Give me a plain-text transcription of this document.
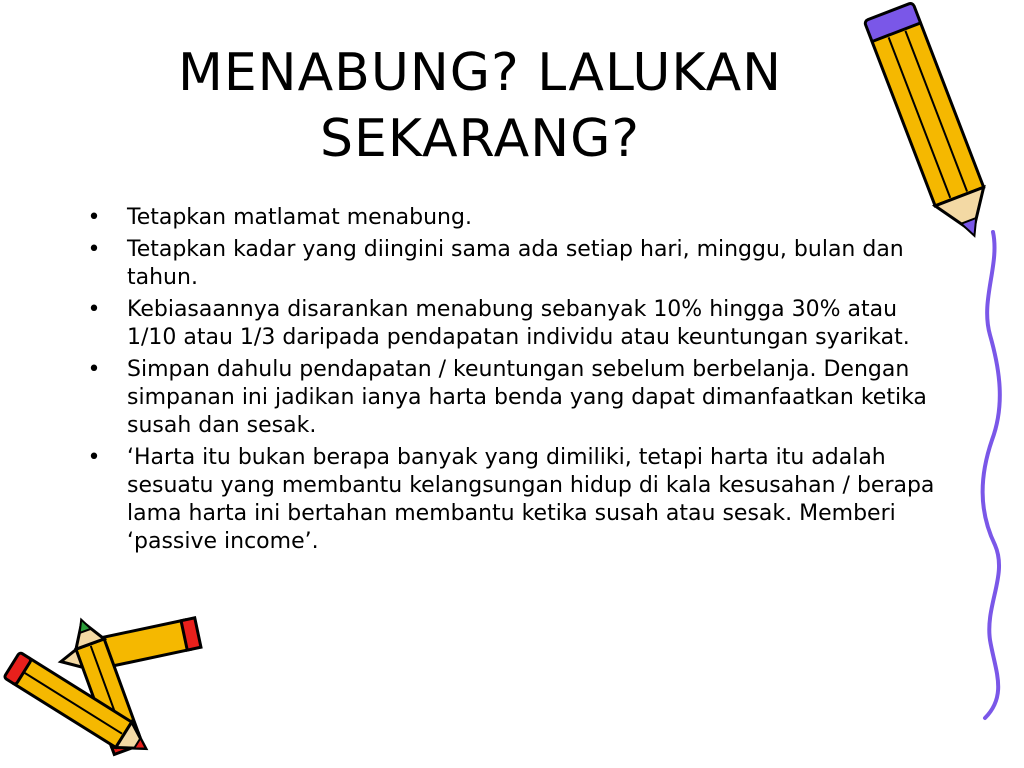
MENABUNG? LALUKAN
SEKARANG?
• Tetapkan matlamat menabung.
• Tetapkan kadar yang diingini sama ada setiap hari, minggu, bulan dan tahun.
• Kebiasaannya disarankan menabung sebanyak 10% hingga 30% atau 1/10 atau 1/3 daripada pendapatan individu atau keuntungan syarikat.
• Simpan dahulu pendapatan / keuntungan sebelum berbelanja. Dengan simpanan ini jadikan ianya harta benda yang dapat dimanfaatkan ketika susah dan sesak.
• ‘Harta itu bukan berapa banyak yang dimiliki, tetapi harta itu adalah sesuatu yang membantu kelangsungan hidup di kala kesusahan / berapa lama harta ini bertahan membantu ketika susah atau sesak. Memberi ‘passive income’.
